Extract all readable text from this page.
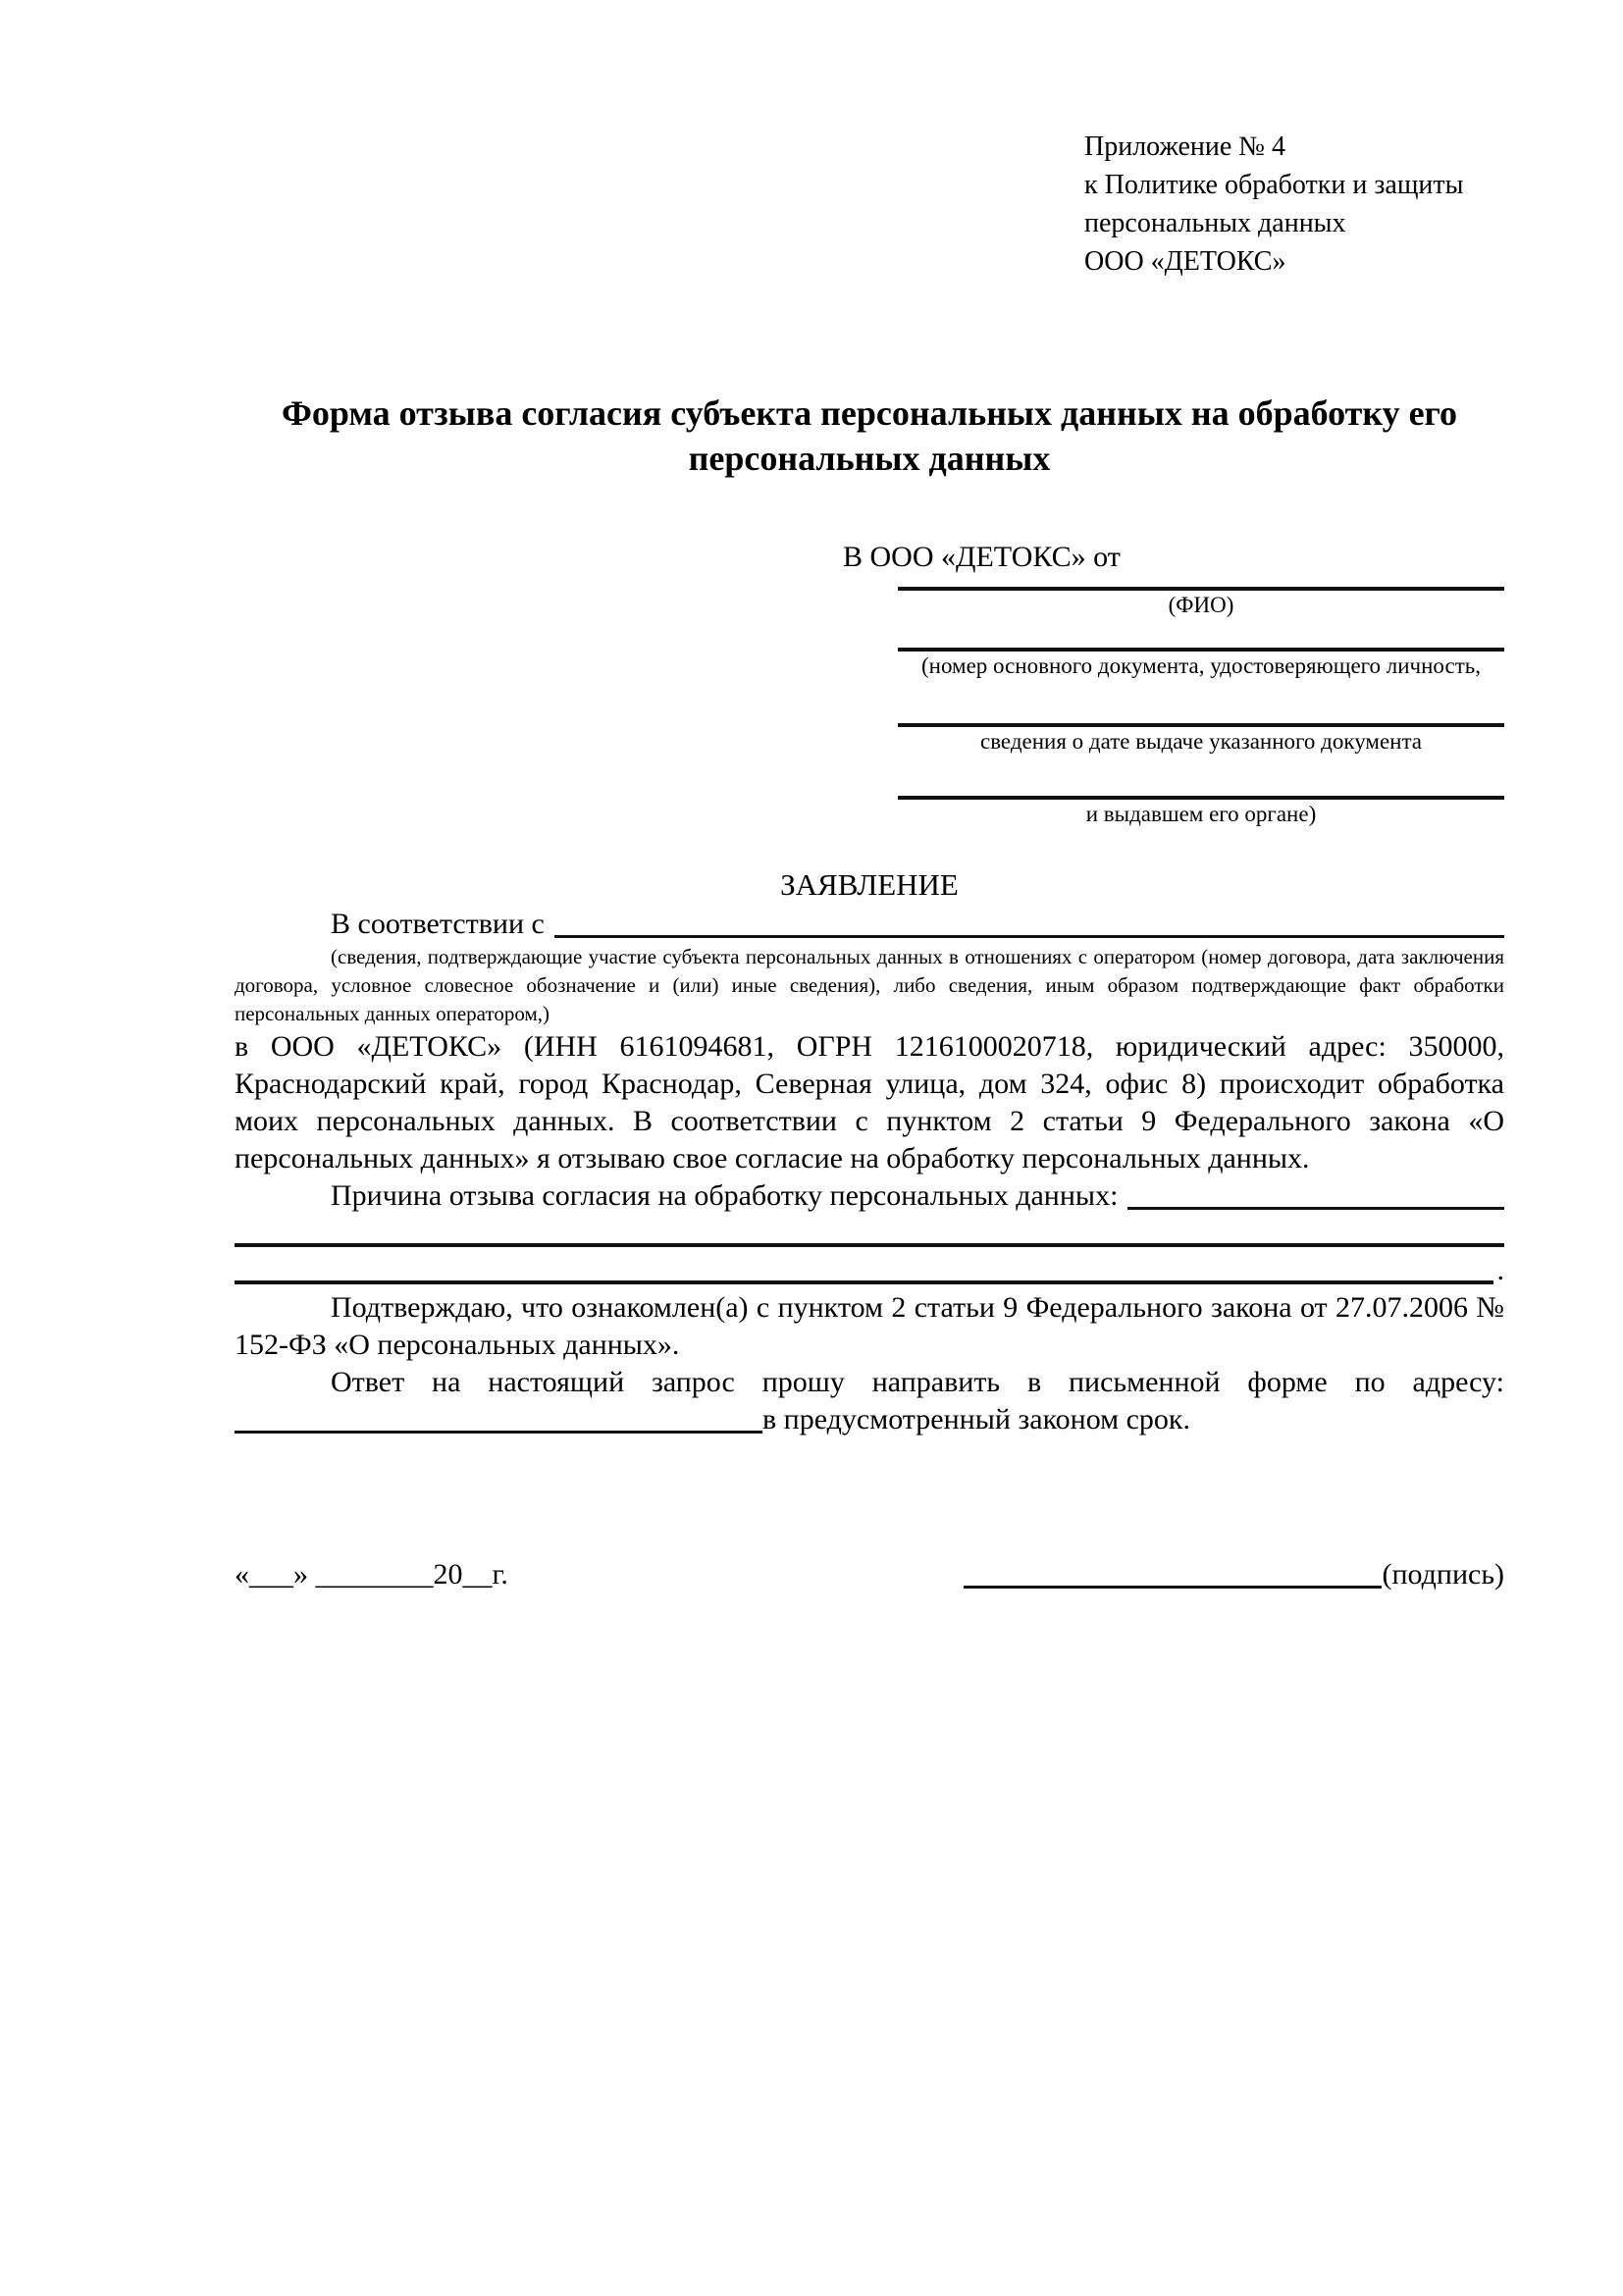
Приложение № 4
к Политике обработки и защиты
персональных данных
ООО «ДЕТОКС»
Форма отзыва согласия субъекта персональных данных на обработку его персональных данных
В ООО «ДЕТОКС» от
(ФИО)
(номер основного документа, удостоверяющего личность,
сведения о дате выдаче указанного документа
и выдавшем его органе)
ЗАЯВЛЕНИЕ
В соответствии с
(сведения, подтверждающие участие субъекта персональных данных в отношениях с оператором (номер договора, дата заключения договора, условное словесное обозначение и (или) иные сведения), либо сведения, иным образом подтверждающие факт обработки персональных данных оператором,)
в ООО «ДЕТОКС» (ИНН 6161094681, ОГРН 1216100020718, юридический адрес: 350000, Краснодарский край, город Краснодар, Северная улица, дом 324, офис 8) происходит обработка моих персональных данных. В соответствии с пунктом 2 статьи 9 Федерального закона «О персональных данных» я отзываю свое согласие на обработку персональных данных.
Причина отзыва согласия на обработку персональных данных:
.
Подтверждаю, что ознакомлен(а) с пунктом 2 статьи 9 Федерального закона от 27.07.2006 № 152-ФЗ «О персональных данных».
Ответ на настоящий запрос прошу направить в письменной форме по адресу:
в предусмотренный законом срок.
«___» ________20__г.	(подпись)
